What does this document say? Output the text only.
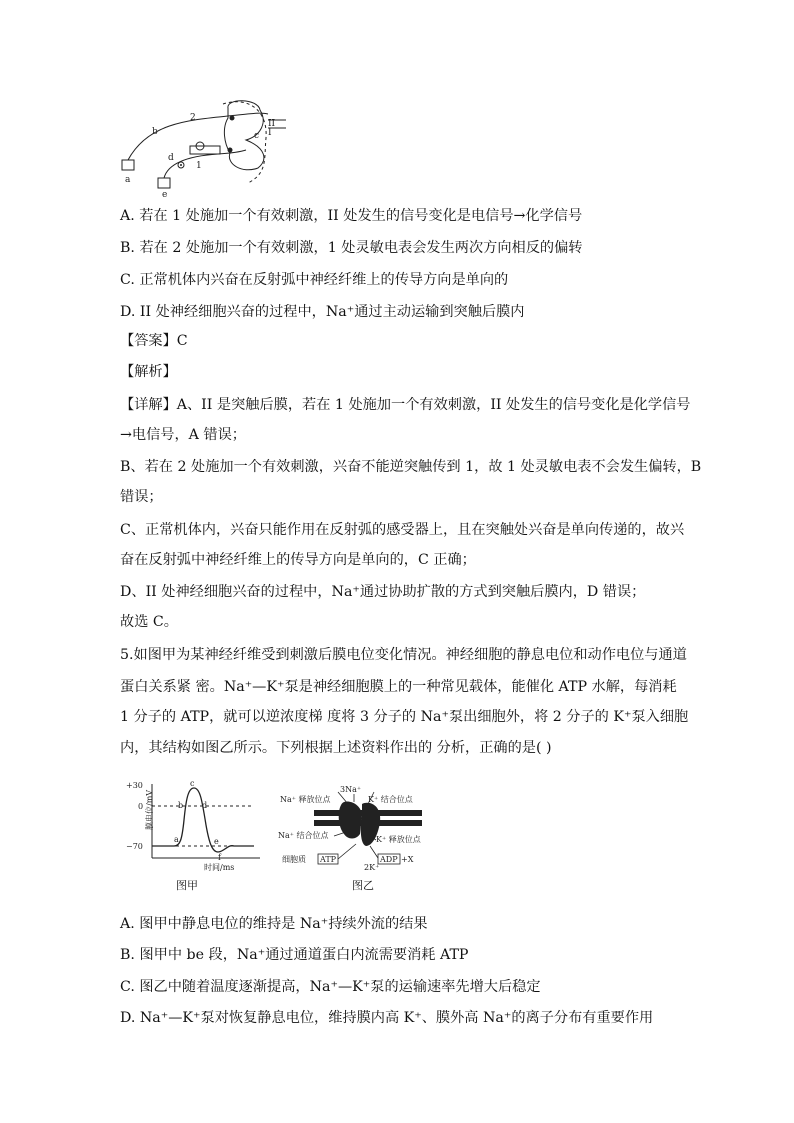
a
b	c
d
e
1
2
II
I
A. 若在 1 处施加一个有效刺激，II 处发生的信号变化是电信号→化学信号
B. 若在 2 处施加一个有效刺激，1 处灵敏电表会发生两次方向相反的偏转
C. 正常机体内兴奋在反射弧中神经纤维上的传导方向是单向的
D. II 处神经细胞兴奋的过程中，Na⁺通过主动运输到突触后膜内
【答案】C
【解析】
【详解】A、II 是突触后膜，若在 1 处施加一个有效刺激，II 处发生的信号变化是化学信号
→电信号，A 错误；
B、若在 2 处施加一个有效刺激，兴奋不能逆突触传到 1，故 1 处灵敏电表不会发生偏转，B
错误；
C、正常机体内，兴奋只能作用在反射弧的感受器上，且在突触处兴奋是单向传递的，故兴
奋在反射弧中神经纤维上的传导方向是单向的，C 正确；
D、II 处神经细胞兴奋的过程中，Na⁺通过协助扩散的方式到突触后膜内，D 错误；
故选 C。
5.如图甲为某神经纤维受到刺激后膜电位变化情况。神经细胞的静息电位和动作电位与通道
蛋白关系紧 密。Na⁺—K⁺泵是神经细胞膜上的一种常见载体，能催化 ATP 水解，每消耗
1 分子的 ATP，就可以逆浓度梯 度将 3 分子的 Na⁺泵出细胞外，将 2 分子的 K⁺泵入细胞
内，其结构如图乙所示。下列根据上述资料作出的 分析，正确的是( )
+30
0
−70
a
b
c
d
e
f
时间/ms
膜电位/mV
图甲
3Na⁺
Na⁺ 释放位点	K⁺ 结合位点
Na⁺ 结合位点	K⁺ 释放位点
细胞质 ATP	ADP +X
2K⁺
图乙
A. 图甲中静息电位的维持是 Na⁺持续外流的结果
B. 图甲中 be 段，Na⁺通过通道蛋白内流需要消耗 ATP
C. 图乙中随着温度逐渐提高，Na⁺—K⁺泵的运输速率先增大后稳定
D. Na⁺—K⁺泵对恢复静息电位，维持膜内高 K⁺、膜外高 Na⁺的离子分布有重要作用
